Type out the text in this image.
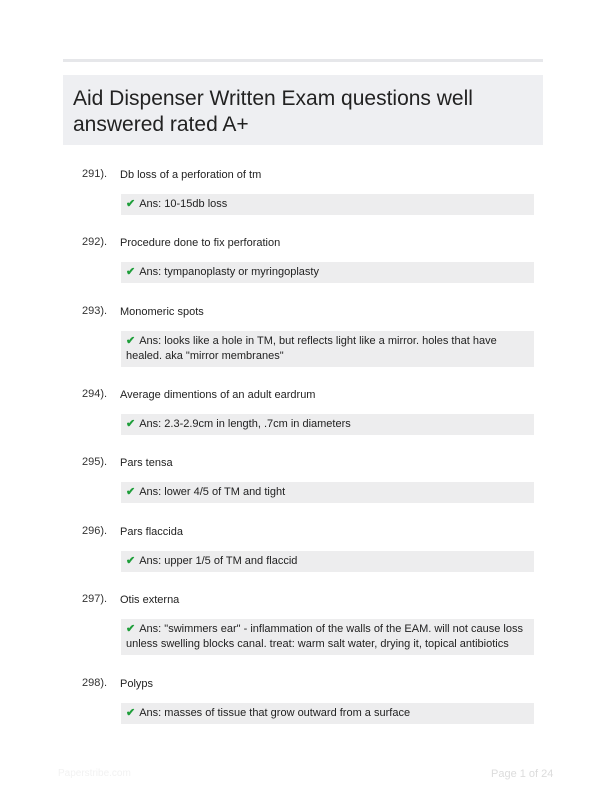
Aid Dispenser Written Exam questions well answered rated A+
291). Db loss of a perforation of tm
✔ Ans: 10-15db loss
292). Procedure done to fix perforation
✔ Ans: tympanoplasty or myringoplasty
293). Monomeric spots
✔ Ans: looks like a hole in TM, but reflects light like a mirror. holes that have healed. aka "mirror membranes"
294). Average dimentions of an adult eardrum
✔ Ans: 2.3-2.9cm in length, .7cm in diameters
295). Pars tensa
✔ Ans: lower 4/5 of TM and tight
296). Pars flaccida
✔ Ans: upper 1/5 of TM and flaccid
297). Otis externa
✔ Ans: "swimmers ear" - inflammation of the walls of the EAM. will not cause loss unless swelling blocks canal. treat: warm salt water, drying it, topical antibiotics
298). Polyps
✔ Ans: masses of tissue that grow outward from a surface
Paperstribe.com	Page 1 of 24
